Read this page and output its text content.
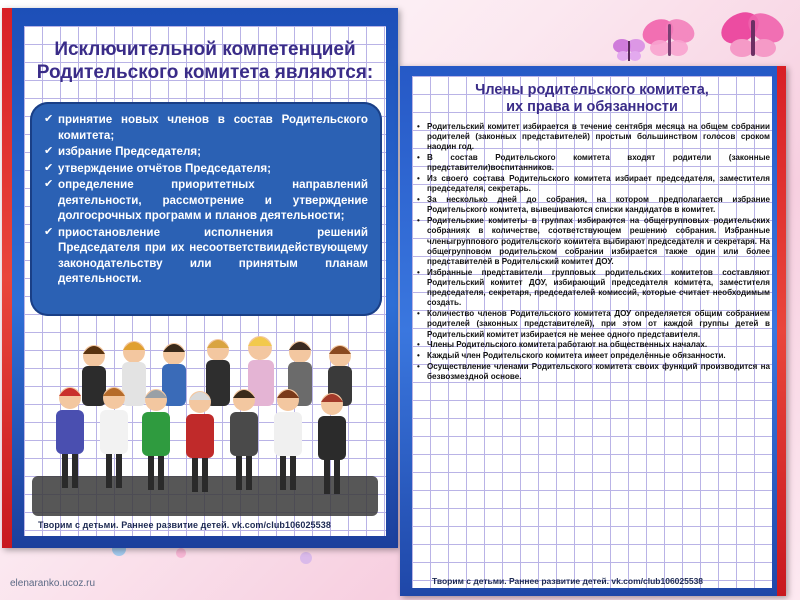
Исключительной компетенцией
Родительского комитета являются:
✔ принятие новых членов в состав Родительского комитета;
✔ избрание Председателя;
✔ утверждение отчётов Председателя;
✔ определение приоритетных направлений деятельности, рассмотрение и утверждение долгосрочных программ и планов деятельности;
✔ приостановление исполнения решений Председателя при их несоответствиидействующему законодательству или принятым планам деятельности.
Творим с детьми. Раннее развитие детей. vk.com/club106025538
elenaranko.ucoz.ru
Члены родительского комитета,
их права и обязанности
• Родительский комитет избирается в течение сентября месяца на общем собрании родителей (законных представителей) простым большинством голосов сроком наодин год.
• В состав Родительского комитета входят родители (законные представители)воспитанников.
• Из своего состава Родительского комитета избирает председателя, заместителя председателя, секретарь.
• За несколько дней до собрания, на котором предполагается избрание Родительского комитета, вывешиваются списки кандидатов в комитет.
• Родительские комитеты в группах избираются на общегрупповых родительских собраниях в количестве, соответствующем решению собрания. Избранные членыгруппового родительского комитета выбирают председателя и секретаря. На общегрупповом родительском собрании избирается также один или более представителей в Родительский комитет ДОУ.
• Избранные представители групповых родительских комитетов составляют Родительский комитет ДОУ, избирающий председателя комитета, заместителя председателя, секретаря, председателей комиссий, которые считает необходимым создать.
• Количество членов Родительского комитета ДОУ определяется общим собранием родителей (законных представителей), при этом от каждой группы детей в Родительский комитет избирается не менее одного представителя.
• Члены Родительского комитета работают на общественных началах.
• Каждый член Родительского комитета имеет определённые обязанности.
• Осуществление членами Родительского комитета своих функций производится на безвозмездной основе.
Творим с детьми. Раннее развитие детей. vk.com/club106025538
